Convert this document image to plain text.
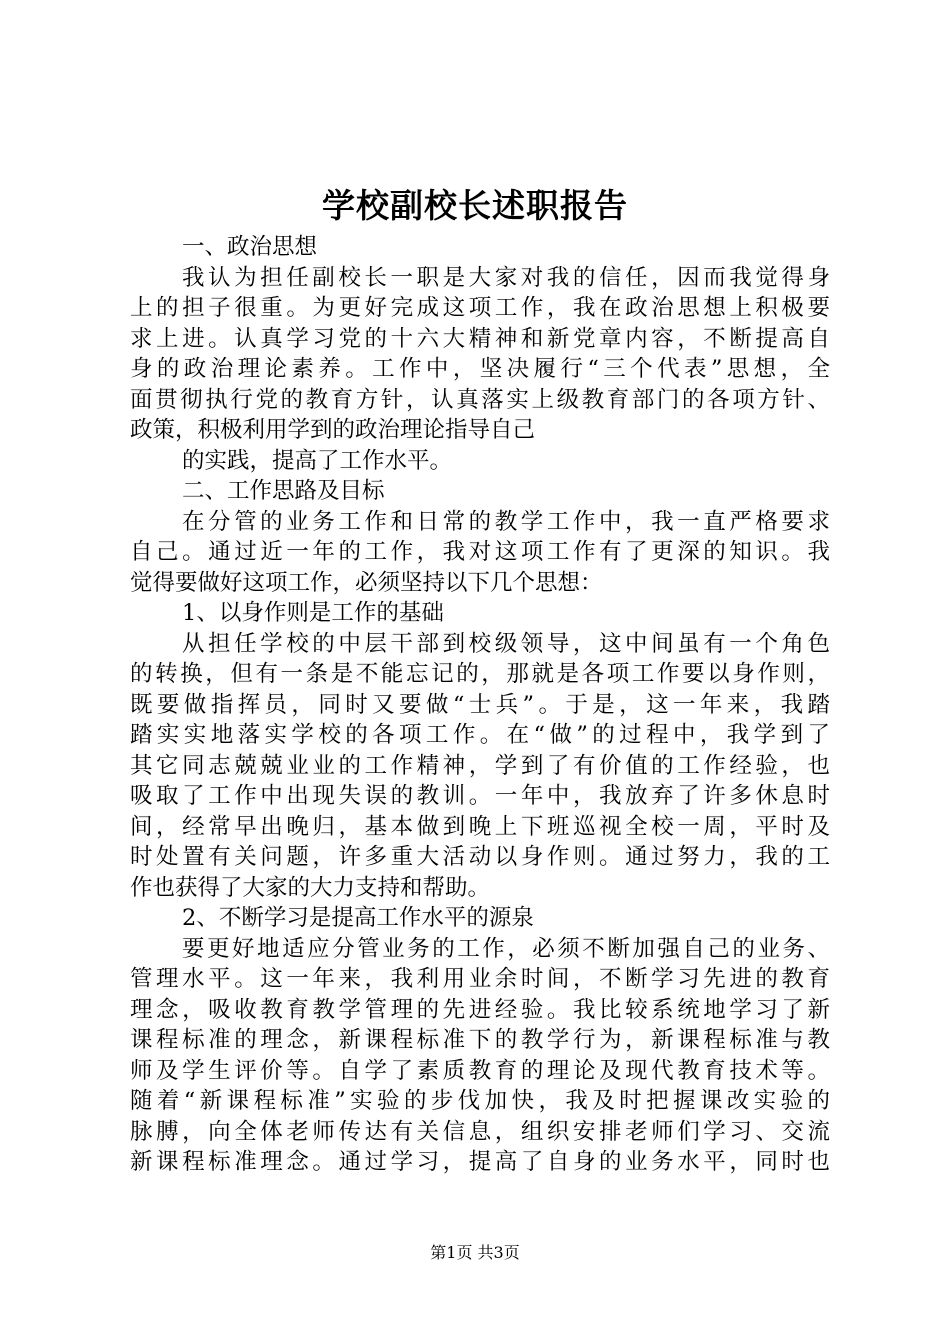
学校副校长述职报告
一、政治思想
我认为担任副校长一职是大家对我的信任，因而我觉得身
上的担子很重。为更好完成这项工作，我在政治思想上积极要
求上进。认真学习党的十六大精神和新党章内容，不断提高自
身的政治理论素养。工作中，坚决履行“三个代表”思想，全
面贯彻执行党的教育方针，认真落实上级教育部门的各项方针、
政策，积极利用学到的政治理论指导自己
的实践，提高了工作水平。
二、工作思路及目标
在分管的业务工作和日常的教学工作中，我一直严格要求
自己。通过近一年的工作，我对这项工作有了更深的知识。我
觉得要做好这项工作，必须坚持以下几个思想：
1、以身作则是工作的基础
从担任学校的中层干部到校级领导，这中间虽有一个角色
的转换，但有一条是不能忘记的，那就是各项工作要以身作则，
既要做指挥员，同时又要做“士兵”。于是，这一年来，我踏
踏实实地落实学校的各项工作。在“做”的过程中，我学到了
其它同志兢兢业业的工作精神，学到了有价值的工作经验，也
吸取了工作中出现失误的教训。一年中，我放弃了许多休息时
间，经常早出晚归，基本做到晚上下班巡视全校一周，平时及
时处置有关问题，许多重大活动以身作则。通过努力，我的工
作也获得了大家的大力支持和帮助。
2、不断学习是提高工作水平的源泉
要更好地适应分管业务的工作，必须不断加强自己的业务、
管理水平。这一年来，我利用业余时间，不断学习先进的教育
理念，吸收教育教学管理的先进经验。我比较系统地学习了新
课程标准的理念，新课程标准下的教学行为，新课程标准与教
师及学生评价等。自学了素质教育的理论及现代教育技术等。
随着“新课程标准”实验的步伐加快，我及时把握课改实验的
脉膊，向全体老师传达有关信息，组织安排老师们学习、交流
新课程标准理念。通过学习，提高了自身的业务水平，同时也
第1页 共3页
